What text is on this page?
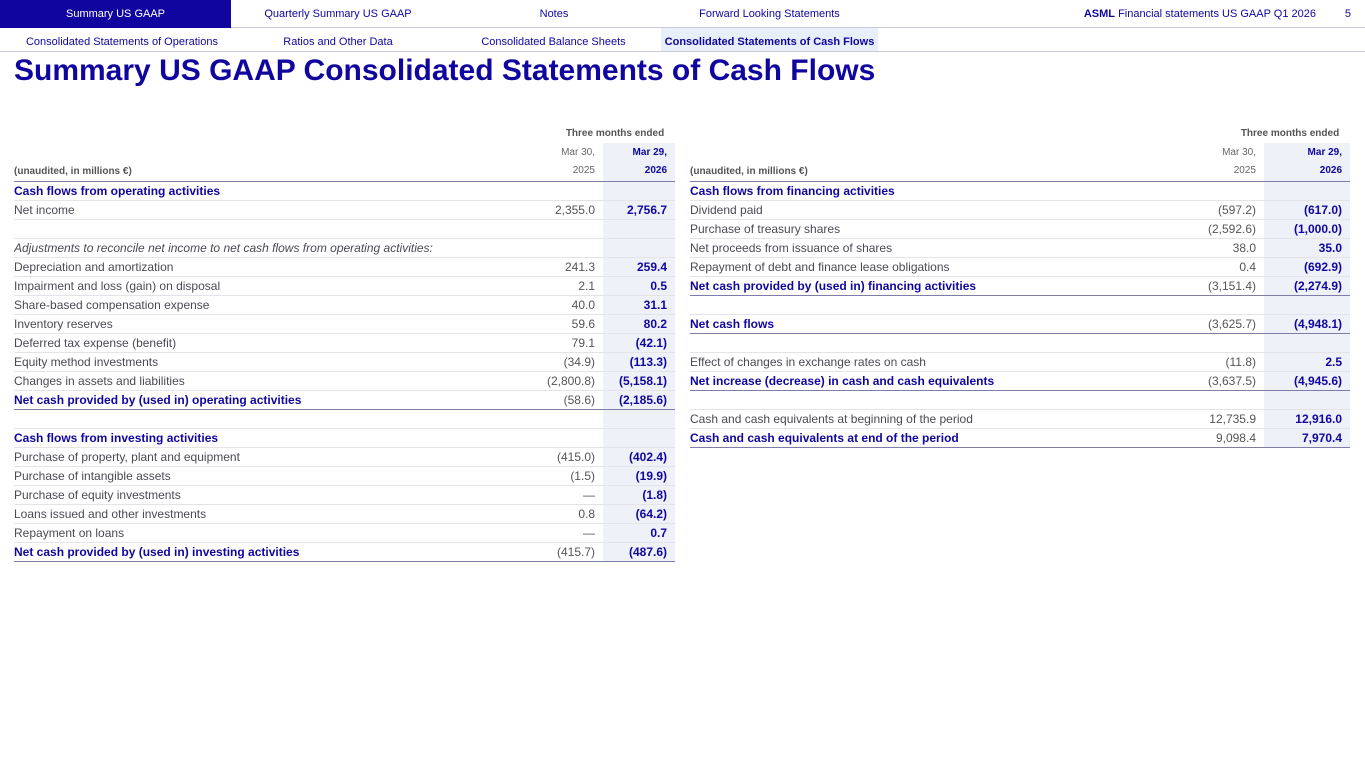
Summary US GAAP	Quarterly Summary US GAAP	Notes	Forward Looking Statements	ASML Financial statements US GAAP Q1 2026	5
Consolidated Statements of Operations	Ratios and Other Data	Consolidated Balance Sheets	Consolidated Statements of Cash Flows
Summary US GAAP Consolidated Statements of Cash Flows
	Three months ended	
	Mar 30,	Mar 29,
(unaudited, in millions €)	2025	2026
Cash flows from operating activities		
Net income	2,355.0	2,756.7

Adjustments to reconcile net income to net cash flows from operating activities:		
Depreciation and amortization	241.3	259.4
Impairment and loss (gain) on disposal	2.1	0.5
Share-based compensation expense	40.0	31.1
Inventory reserves	59.6	80.2
Deferred tax expense (benefit)	79.1	(42.1)
Equity method investments	(34.9)	(113.3)
Changes in assets and liabilities	(2,800.8)	(5,158.1)
Net cash provided by (used in) operating activities	(58.6)	(2,185.6)

Cash flows from investing activities		
Purchase of property, plant and equipment	(415.0)	(402.4)
Purchase of intangible assets	(1.5)	(19.9)
Purchase of equity investments	—	(1.8)
Loans issued and other investments	0.8	(64.2)
Repayment on loans	—	0.7
Net cash provided by (used in) investing activities	(415.7)	(487.6)
	Three months ended	
	Mar 30,	Mar 29,
(unaudited, in millions €)	2025	2026
Cash flows from financing activities		
Dividend paid	(597.2)	(617.0)
Purchase of treasury shares	(2,592.6)	(1,000.0)
Net proceeds from issuance of shares	38.0	35.0
Repayment of debt and finance lease obligations	0.4	(692.9)
Net cash provided by (used in) financing activities	(3,151.4)	(2,274.9)

Net cash flows	(3,625.7)	(4,948.1)

Effect of changes in exchange rates on cash	(11.8)	2.5
Net increase (decrease) in cash and cash equivalents	(3,637.5)	(4,945.6)

Cash and cash equivalents at beginning of the period	12,735.9	12,916.0
Cash and cash equivalents at end of the period	9,098.4	7,970.4
